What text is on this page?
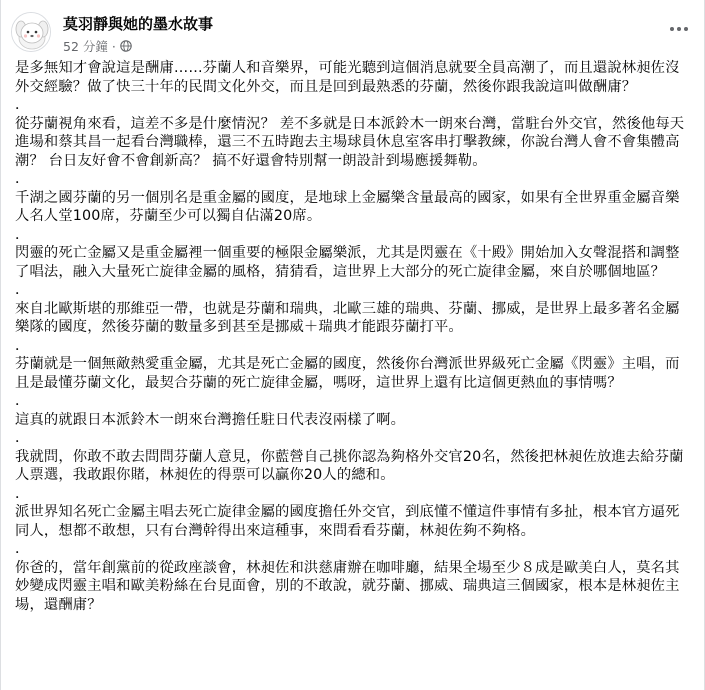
莫羽靜與她的墨水故事
52 分鐘 ·

是多無知才會說這是酬庸……芬蘭人和音樂界，可能光聽到這個消息就要全員高潮了，而且還說林昶佐沒外交經驗？做了快三十年的民間文化外交，而且是回到最熟悉的芬蘭，然後你跟我說這叫做酬庸？

．

從芬蘭視角來看，這差不多是什麼情況？ 差不多就是日本派鈴木一朗來台灣，當駐台外交官，然後他每天進場和蔡其昌一起看台灣職棒，還三不五時跑去主場球員休息室客串打擊教練，你說台灣人會不會集體高潮？ 台日友好會不會創新高？ 搞不好還會特別幫一朗設計到場應援舞勒。

．

千湖之國芬蘭的另一個別名是重金屬的國度，是地球上金屬樂含量最高的國家，如果有全世界重金屬音樂人名人堂100席，芬蘭至少可以獨自佔滿20席。

．

閃靈的死亡金屬又是重金屬裡一個重要的極限金屬樂派，尤其是閃靈在《十殿》開始加入女聲混搭和調整了唱法，融入大量死亡旋律金屬的風格，猜猜看，這世界上大部分的死亡旋律金屬，來自於哪個地區？

．

來自北歐斯堪的那維亞一帶，也就是芬蘭和瑞典，北歐三雄的瑞典、芬蘭、挪威，是世界上最多著名金屬樂隊的國度，然後芬蘭的數量多到甚至是挪威＋瑞典才能跟芬蘭打平。

．

芬蘭就是一個無敵熱愛重金屬，尤其是死亡金屬的國度，然後你台灣派世界級死亡金屬《閃靈》主唱，而且是最懂芬蘭文化，最契合芬蘭的死亡旋律金屬，嗎呀，這世界上還有比這個更熱血的事情嗎？

．

這真的就跟日本派鈴木一朗來台灣擔任駐日代表沒兩樣了啊。

．

我就問，你敢不敢去問問芬蘭人意見，你藍營自己挑你認為夠格外交官20名，然後把林昶佐放進去給芬蘭人票選，我敢跟你賭，林昶佐的得票可以贏你20人的總和。

．

派世界知名死亡金屬主唱去死亡旋律金屬的國度擔任外交官，到底懂不懂這件事情有多扯，根本官方逼死同人，想都不敢想，只有台灣幹得出來這種事，來問看看芬蘭，林昶佐夠不夠格。

．

你爸的，當年創黨前的從政座談會，林昶佐和洪慈庸辦在咖啡廳，結果全場至少８成是歐美白人，莫名其妙變成閃靈主唱和歐美粉絲在台見面會，別的不敢說，就芬蘭、挪威、瑞典這三個國家，根本是林昶佐主場，還酬庸？
